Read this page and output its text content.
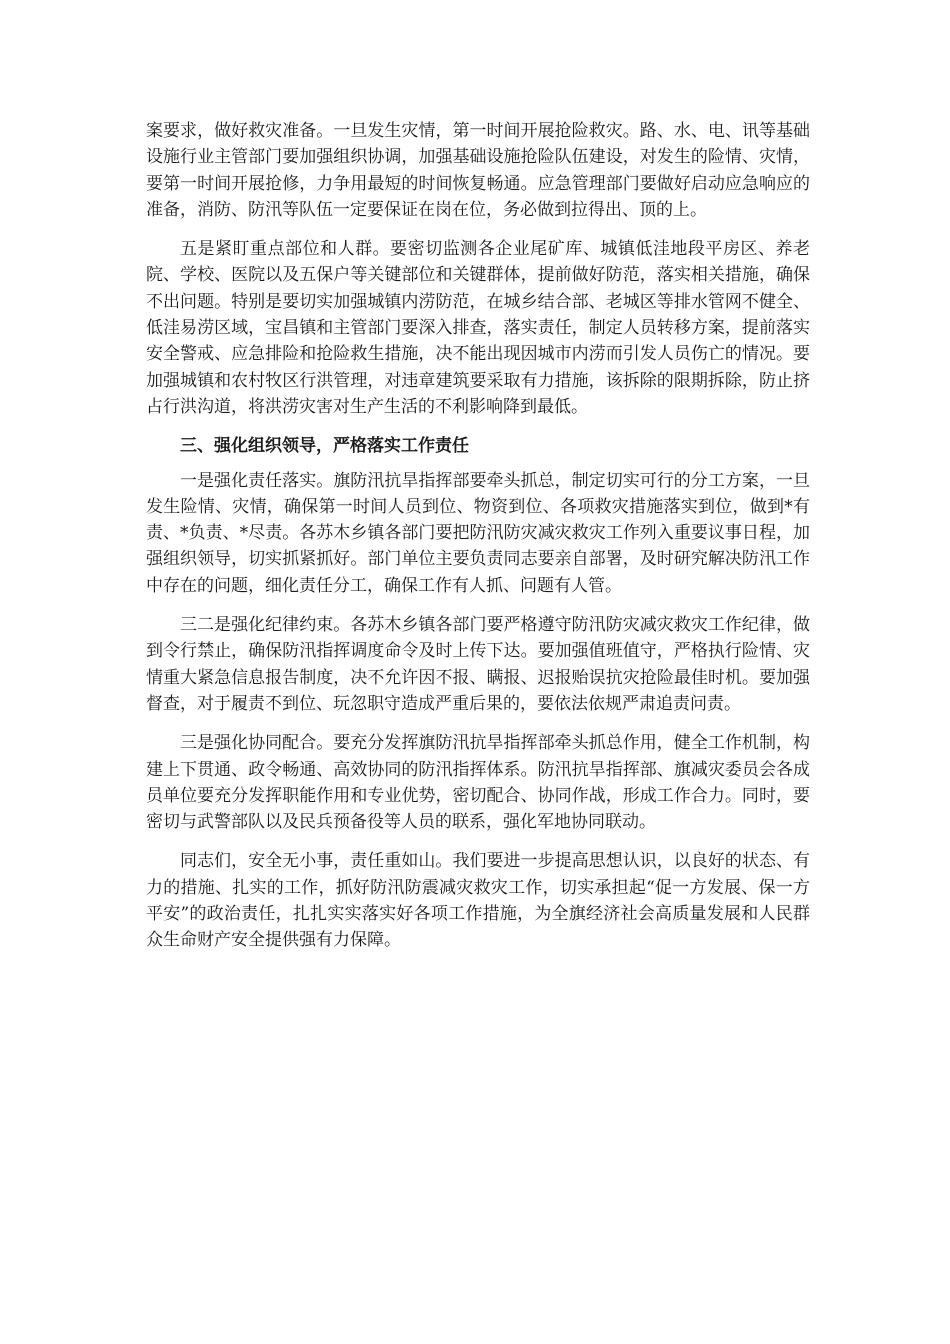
案要求，做好救灾准备。一旦发生灾情，第一时间开展抢险救灾。路、水、电、讯等基础设施行业主管部门要加强组织协调，加强基础设施抢险队伍建设，对发生的险情、灾情，要第一时间开展抢修，力争用最短的时间恢复畅通。应急管理部门要做好启动应急响应的准备，消防、防汛等队伍一定要保证在岗在位，务必做到拉得出、顶的上。

五是紧盯重点部位和人群。要密切监测各企业尾矿库、城镇低洼地段平房区、养老院、学校、医院以及五保户等关键部位和关键群体，提前做好防范，落实相关措施，确保不出问题。特别是要切实加强城镇内涝防范，在城乡结合部、老城区等排水管网不健全、低洼易涝区域，宝昌镇和主管部门要深入排查，落实责任，制定人员转移方案，提前落实安全警戒、应急排险和抢险救生措施，决不能出现因城市内涝而引发人员伤亡的情况。要加强城镇和农村牧区行洪管理，对违章建筑要采取有力措施，该拆除的限期拆除，防止挤占行洪沟道，将洪涝灾害对生产生活的不利影响降到最低。

三、强化组织领导，严格落实工作责任

一是强化责任落实。旗防汛抗旱指挥部要牵头抓总，制定切实可行的分工方案，一旦发生险情、灾情，确保第一时间人员到位、物资到位、各项救灾措施落实到位，做到*有责、*负责、*尽责。各苏木乡镇各部门要把防汛防灾减灾救灾工作列入重要议事日程，加强组织领导，切实抓紧抓好。部门单位主要负责同志要亲自部署，及时研究解决防汛工作中存在的问题，细化责任分工，确保工作有人抓、问题有人管。

三二是强化纪律约束。各苏木乡镇各部门要严格遵守防汛防灾减灾救灾工作纪律，做到令行禁止，确保防汛指挥调度命令及时上传下达。要加强值班值守，严格执行险情、灾情重大紧急信息报告制度，决不允许因不报、瞒报、迟报贻误抗灾抢险最佳时机。要加强督查，对于履责不到位、玩忽职守造成严重后果的，要依法依规严肃追责问责。

三是强化协同配合。要充分发挥旗防汛抗旱指挥部牵头抓总作用，健全工作机制，构建上下贯通、政令畅通、高效协同的防汛指挥体系。防汛抗旱指挥部、旗减灾委员会各成员单位要充分发挥职能作用和专业优势，密切配合、协同作战，形成工作合力。同时，要密切与武警部队以及民兵预备役等人员的联系，强化军地协同联动。

同志们，安全无小事，责任重如山。我们要进一步提高思想认识，以良好的状态、有力的措施、扎实的工作，抓好防汛防震减灾救灾工作，切实承担起“促一方发展、保一方平安”的政治责任，扎扎实实落实好各项工作措施，为全旗经济社会高质量发展和人民群众生命财产安全提供强有力保障。
